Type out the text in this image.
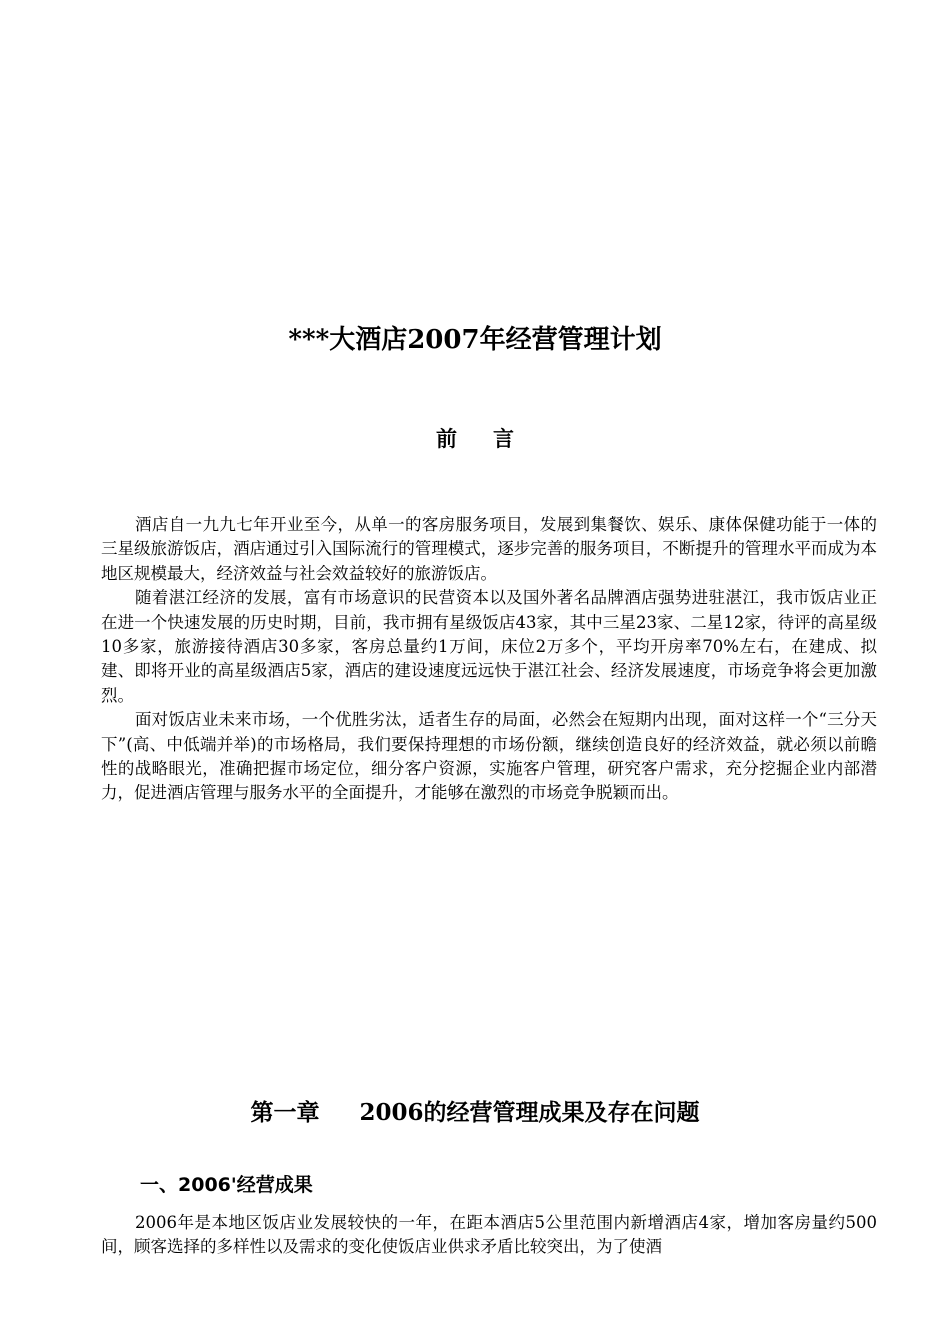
***大酒店2007年经营管理计划
前言

酒店自一九九七年开业至今，从单一的客房服务项目，发展到集餐饮、娱乐、康体保健功能于一体的三星级旅游饭店，酒店通过引入国际流行的管理模式，逐步完善的服务项目，不断提升的管理水平而成为本地区规模最大，经济效益与社会效益较好的旅游饭店。

随着湛江经济的发展，富有市场意识的民营资本以及国外著名品牌酒店强势进驻湛江，我市饭店业正在进一个快速发展的历史时期，目前，我市拥有星级饭店43家，其中三星23家、二星12家，待评的高星级10多家，旅游接待酒店30多家，客房总量约1万间，床位2万多个，平均开房率70%左右，在建成、拟建、即将开业的高星级酒店5家，酒店的建设速度远远快于湛江社会、经济发展速度，市场竞争将会更加激烈。

面对饭店业未来市场，一个优胜劣汰，适者生存的局面，必然会在短期内出现，面对这样一个“三分天下”(高、中低端并举)的市场格局，我们要保持理想的市场份额，继续创造良好的经济效益，就必须以前瞻性的战略眼光，准确把握市场定位，细分客户资源，实施客户管理，研究客户需求，充分挖掘企业内部潜力，促进酒店管理与服务水平的全面提升，才能够在激烈的市场竞争脱颖而出。

第一章     2006的经营管理成果及存在问题
一、2006'经营成果

2006年是本地区饭店业发展较快的一年，在距本酒店5公里范围内新增酒店4家，增加客房量约500间，顾客选择的多样性以及需求的变化使饭店业供求矛盾比较突出，为了使酒
